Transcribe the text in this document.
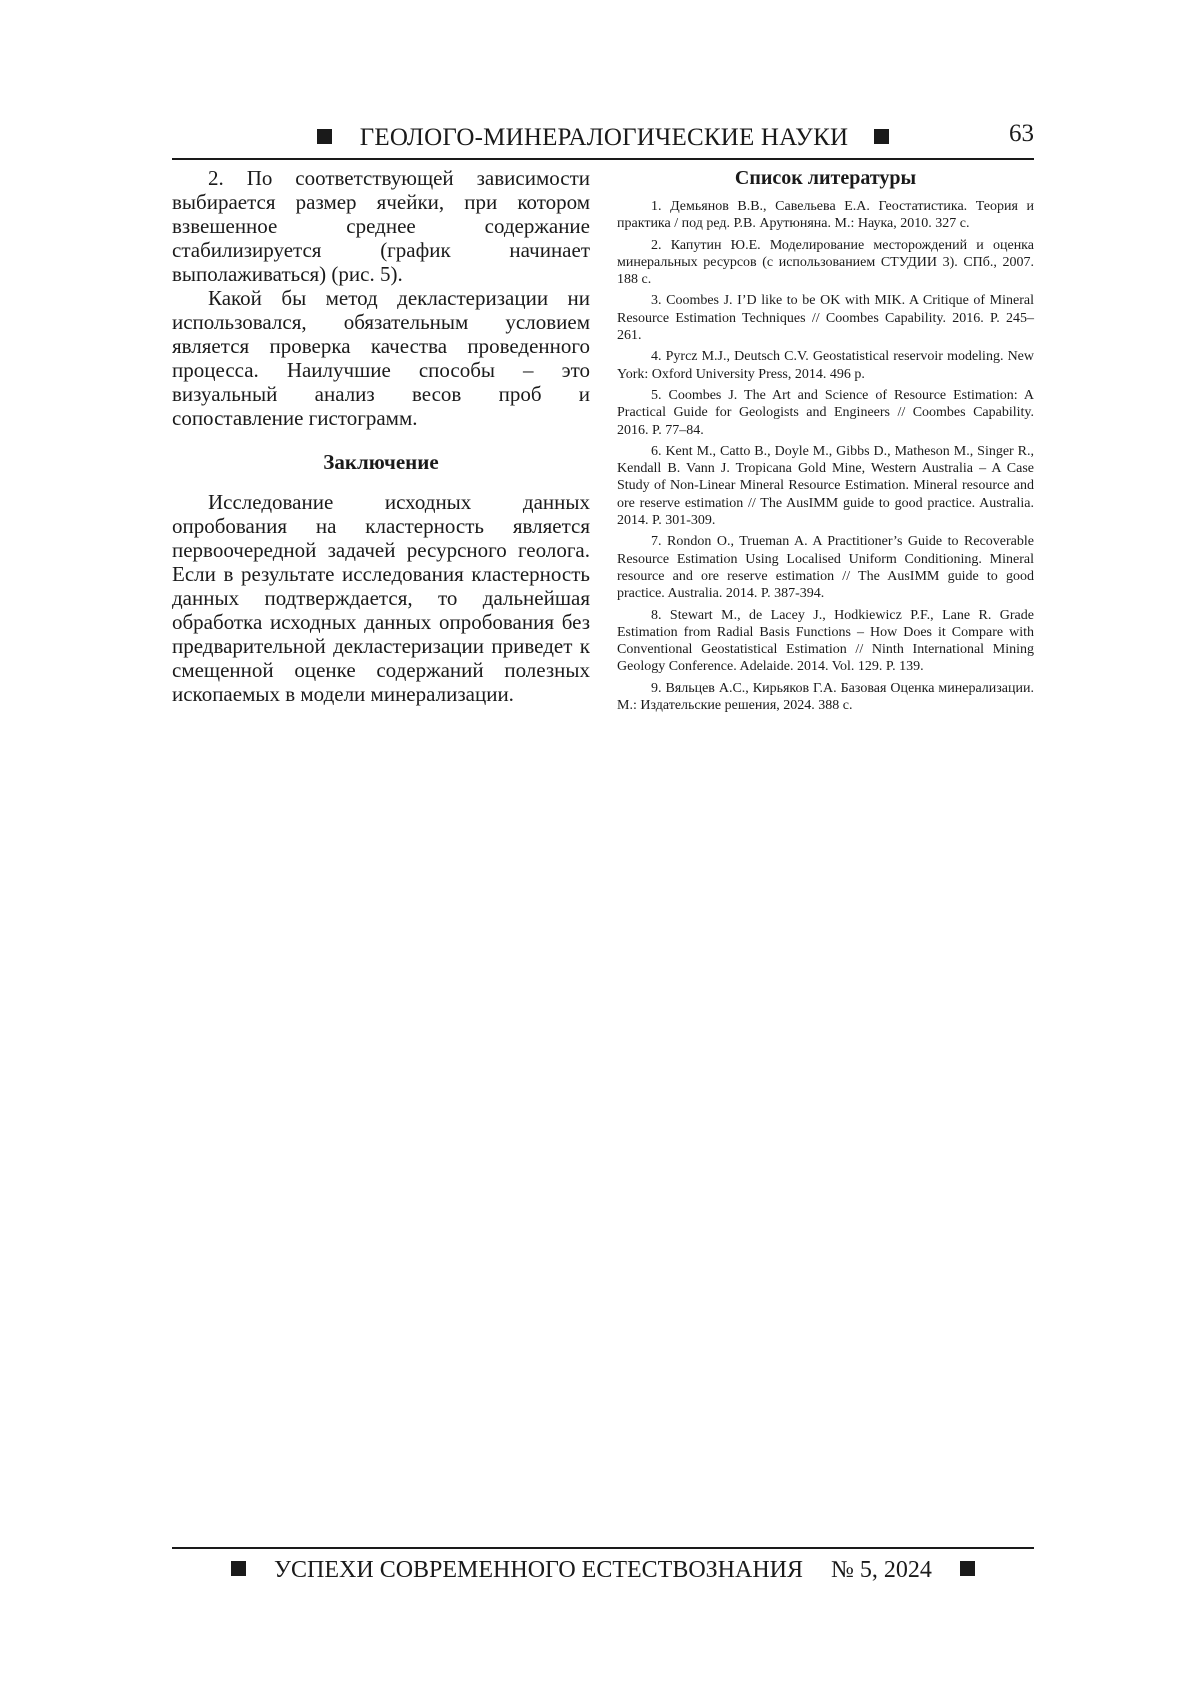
ГЕОЛОГО-МИНЕРАЛОГИЧЕСКИЕ НАУКИ	63

2. По соответствующей зависимости выбирается размер ячейки, при котором взвешенное среднее содержание стабилизируется (график начинает выполаживаться) (рис. 5).

Какой бы метод декластеризации ни использовался, обязательным условием является проверка качества проведенного процесса. Наилучшие способы – это визуальный анализ весов проб и сопоставление гистограмм.

Заключение

Исследование исходных данных опробования на кластерность является первоочередной задачей ресурсного геолога. Если в результате исследования кластерность данных подтверждается, то дальнейшая обработка исходных данных опробования без предварительной декластеризации приведет к смещенной оценке содержаний полезных ископаемых в модели минерализации.

Список литературы

1. Демьянов В.В., Савельева Е.А. Геостатистика. Теория и практика / под ред. Р.В. Арутюняна. М.: Наука, 2010. 327 с.

2. Капутин Ю.Е. Моделирование месторождений и оценка минеральных ресурсов (с использованием СТУДИИ 3). СПб., 2007. 188 с.

3. Coombes J. I’D like to be OK with MIK. A Critique of Mineral Resource Estimation Techniques // Coombes Capability. 2016. P. 245–261.

4. Pyrcz M.J., Deutsch C.V. Geostatistical reservoir modeling. New York: Oxford University Press, 2014. 496 p.

5. Coombes J. The Art and Science of Resource Estimation: A Practical Guide for Geologists and Engineers // Coombes Capability. 2016. P. 77–84.

6. Kent M., Catto B., Doyle M., Gibbs D., Matheson M., Singer R., Kendall B. Vann J. Tropicana Gold Mine, Western Australia – A Case Study of Non-Linear Mineral Resource Estimation. Mineral resource and ore reserve estimation // The AusIMM guide to good practice. Australia. 2014. P. 301-309.

7. Rondon O., Trueman A. A Practitioner’s Guide to Recoverable Resource Estimation Using Localised Uniform Conditioning. Mineral resource and ore reserve estimation // The AusIMM guide to good practice. Australia. 2014. P. 387-394.

8. Stewart M., de Lacey J., Hodkiewicz P.F., Lane R. Grade Estimation from Radial Basis Functions – How Does it Compare with Conventional Geostatistical Estimation // Ninth International Mining Geology Conference. Adelaide. 2014. Vol. 129. P. 139.

9. Вяльцев А.С., Кирьяков Г.А. Базовая Оценка минерализации. М.: Издательские решения, 2024. 388 с.

УСПЕХИ СОВРЕМЕННОГО ЕСТЕСТВОЗНАНИЯ № 5, 2024
